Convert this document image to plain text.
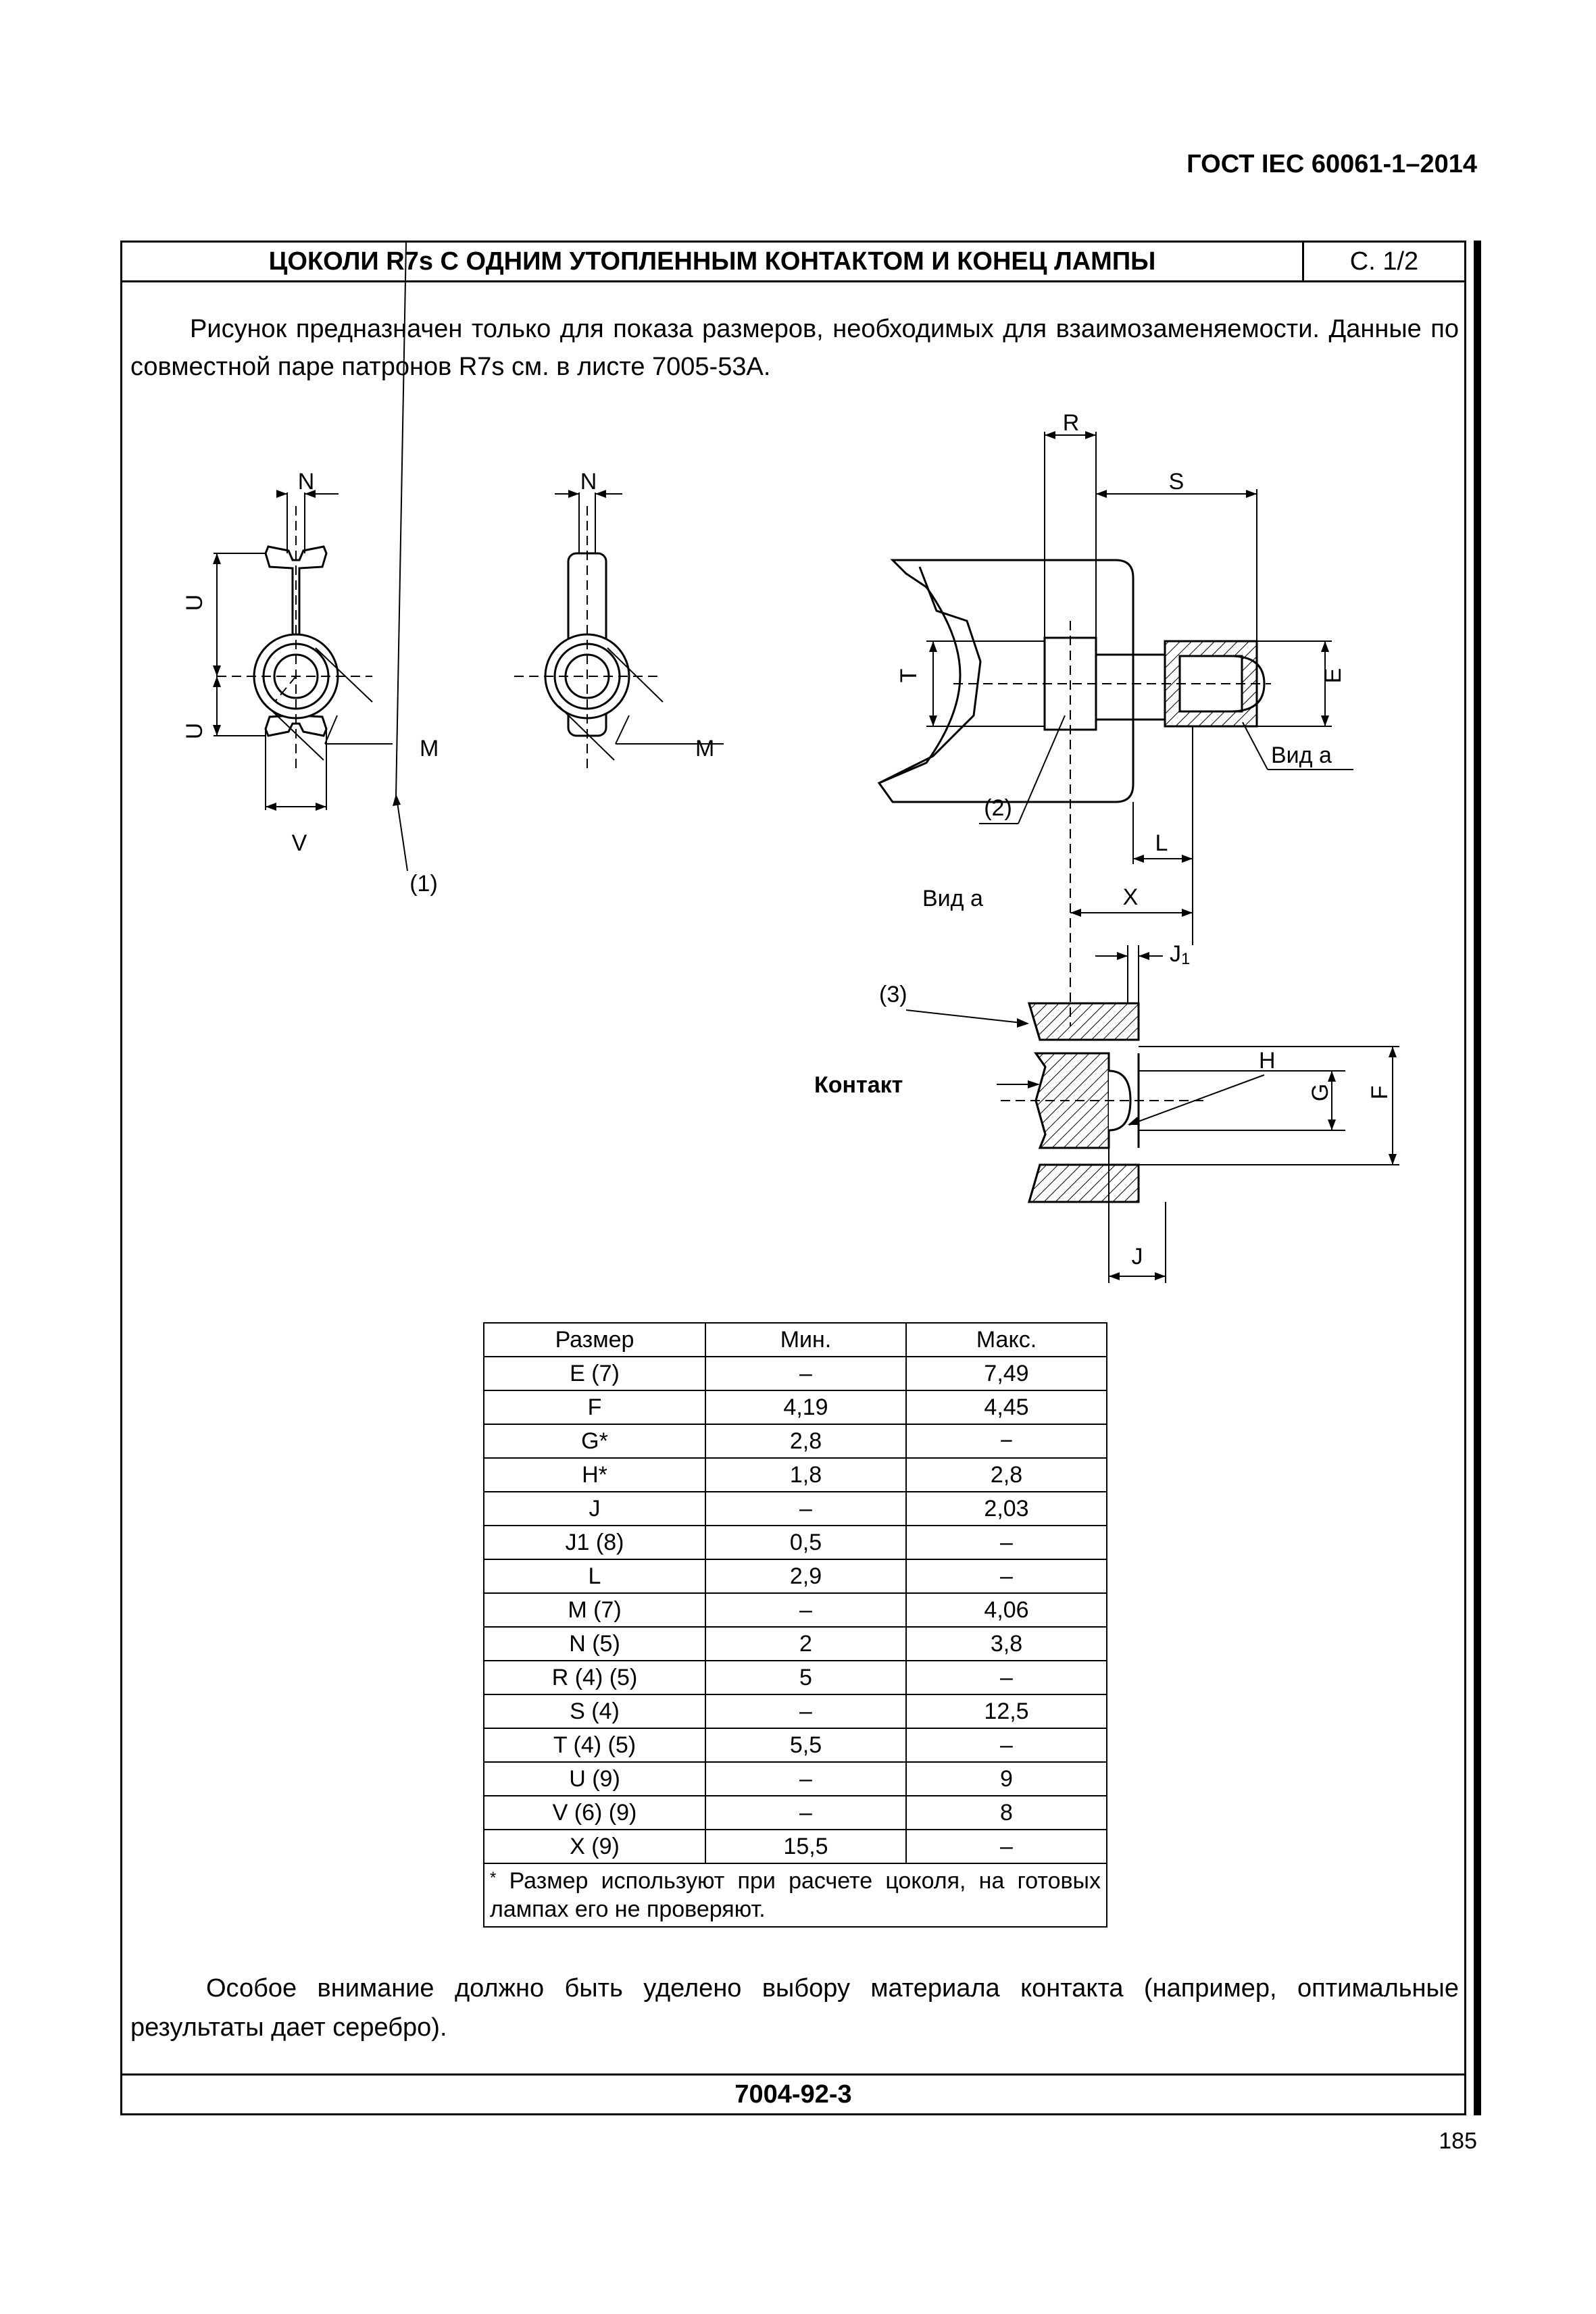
ГОСТ IEC 60061-1–2014
ЦОКОЛИ R7s С ОДНИМ УТОПЛЕННЫМ КОНТАКТОМ И КОНЕЦ ЛАМПЫ	С. 1/2
Рисунок предназначен только для показа размеров, необходимых для взаимозаменяемости. Данные по совместной паре патронов R7s см. в листе 7005-53A.
N	N
U
U
M	M
V
(1)
R
S
T	E
Вид а
(2)
L
Вид а	X
J1
(3)
Контакт
H
G F
J
Размер	Мин.	Макс.
E (7)	–	7,49
F	4,19	4,45
G*	2,8	−
H*	1,8	2,8
J	–	2,03
J1 (8)	0,5	–
L	2,9	–
M (7)	–	4,06
N (5)	2	3,8
R (4) (5)	5	–
S (4)	–	12,5
T (4) (5)	5,5	–
U (9)	–	9
V (6) (9)	–	8
X (9)	15,5	–
* Размер используют при расчете цоколя, на готовых лампах его не проверяют.		
Особое внимание должно быть уделено выбору материала контакта (например, оптимальные результаты дает серебро).
7004-92-3
185
